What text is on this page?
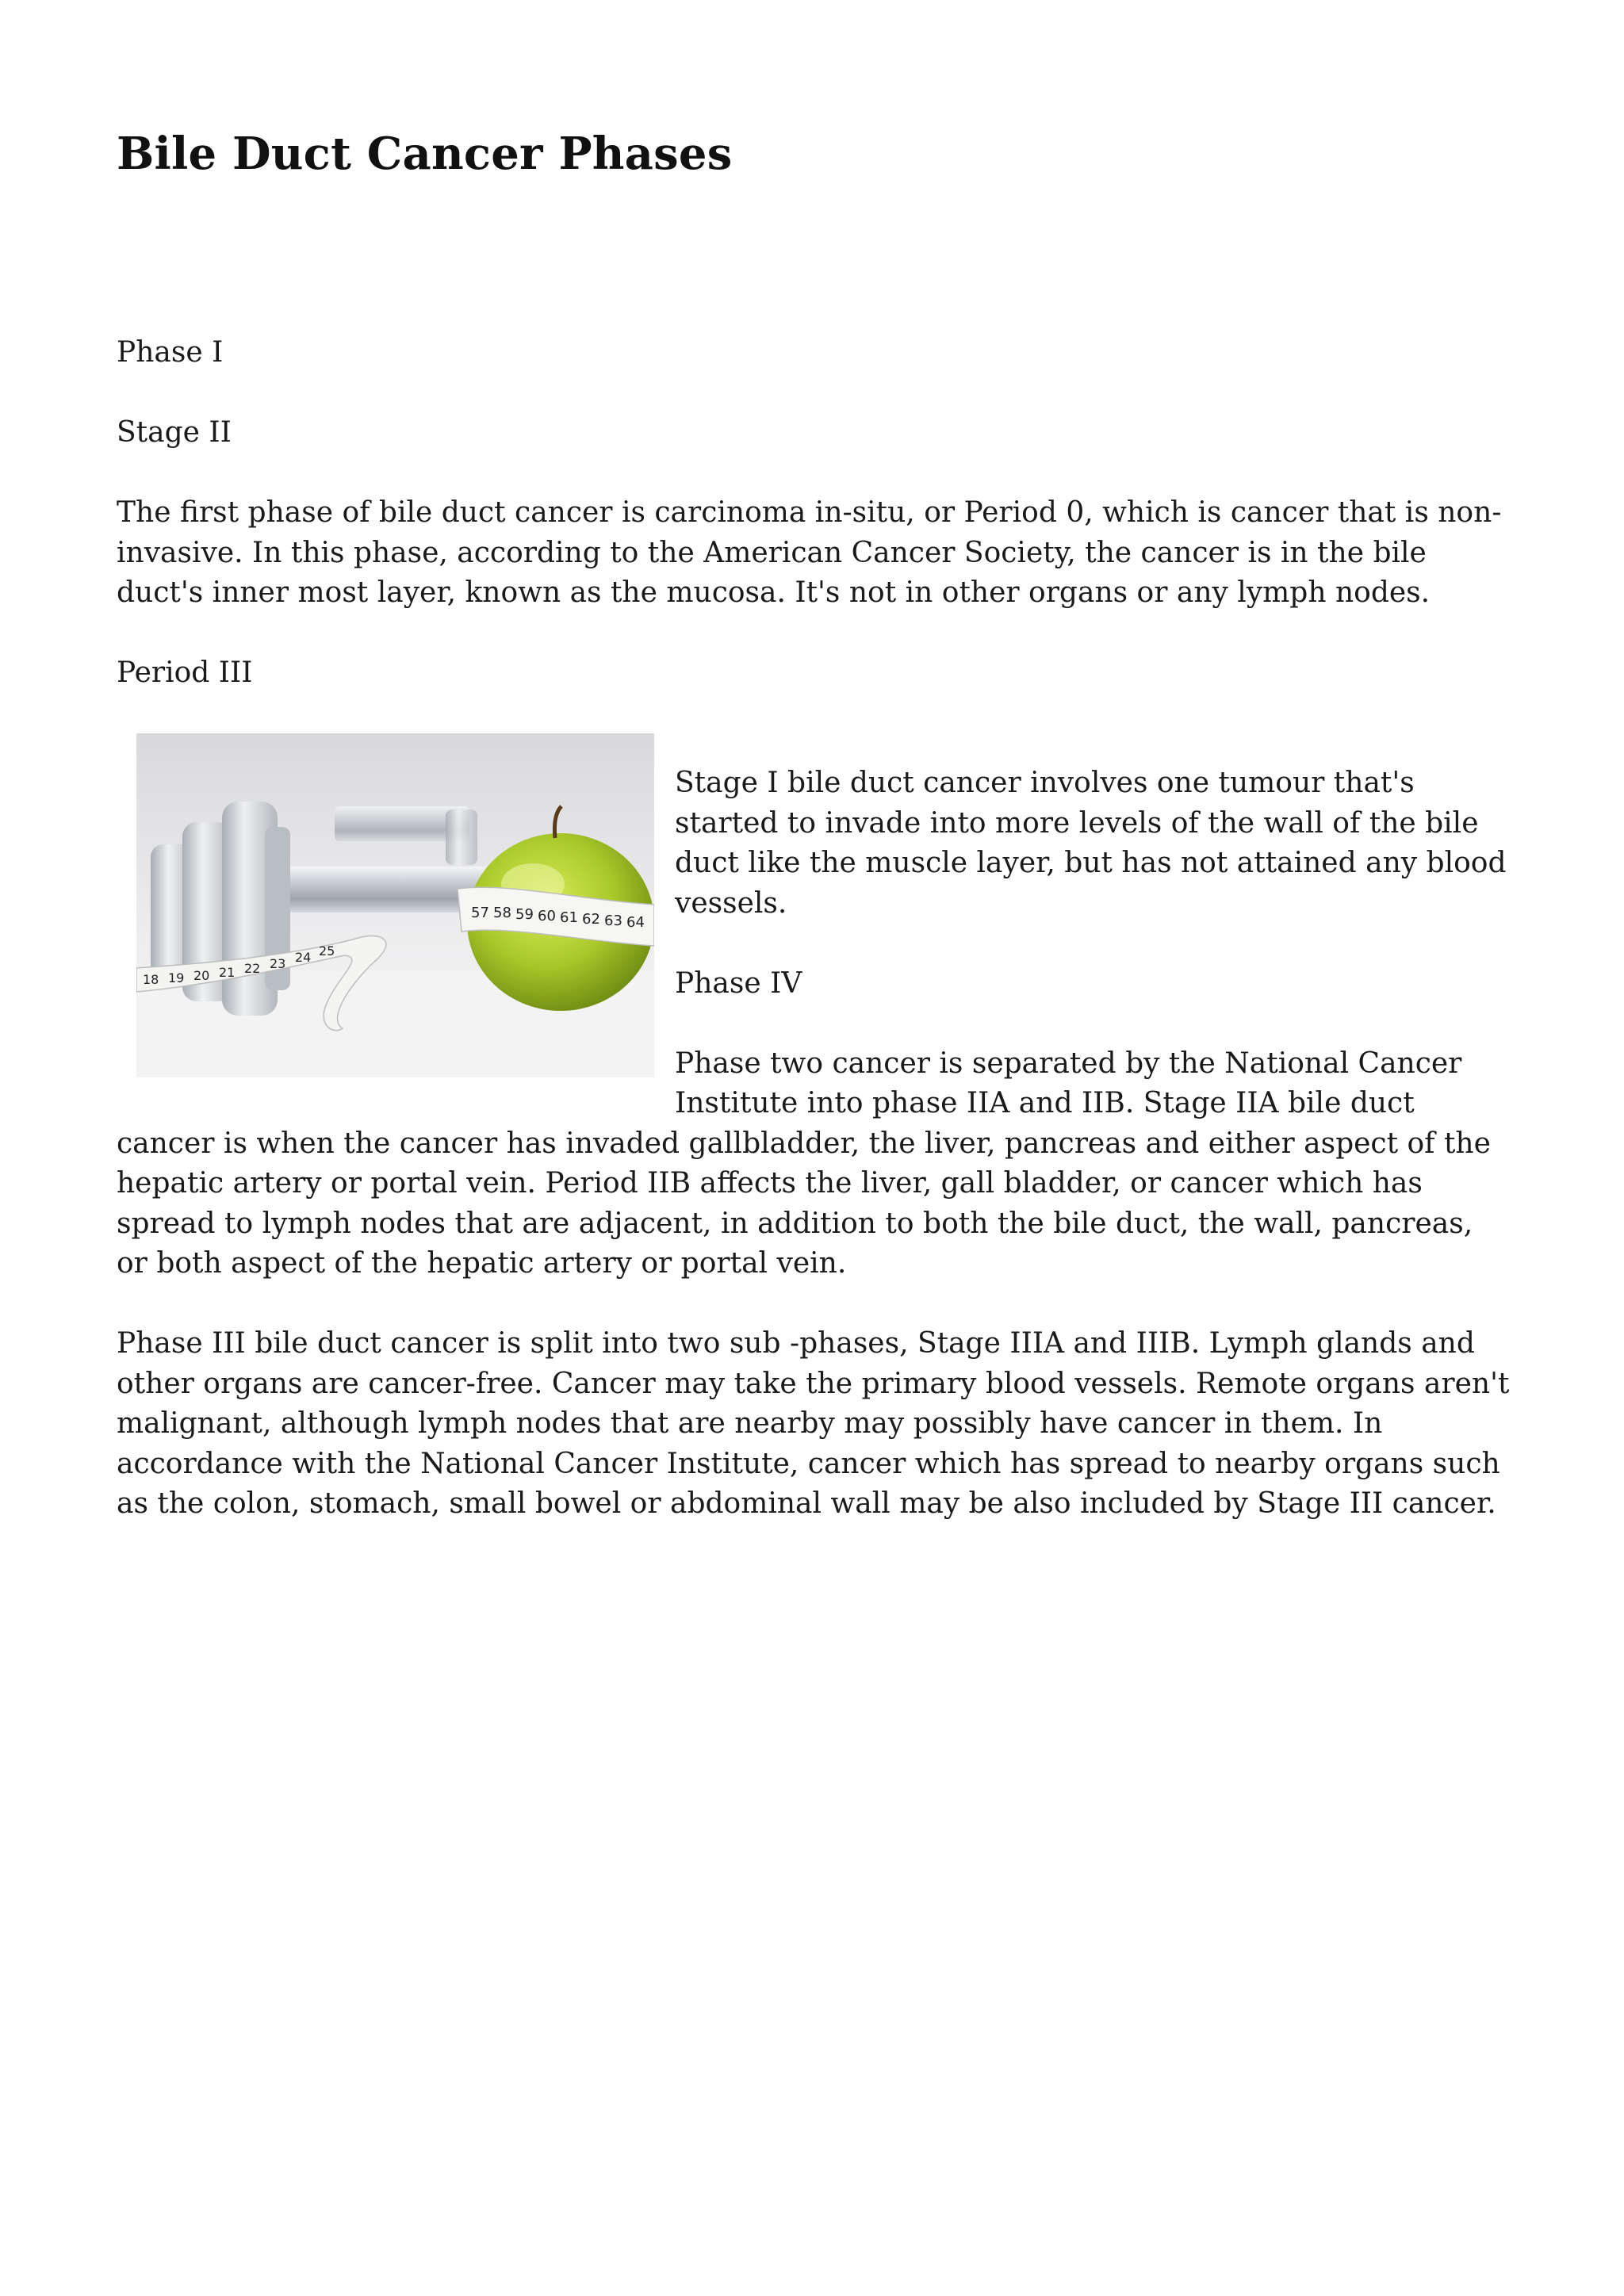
Bile Duct Cancer Phases

Phase I

Stage II

The first phase of bile duct cancer is carcinoma in-situ, or Period 0, which is cancer that is non-invasive. In this phase, according to the American Cancer Society, the cancer is in the bile duct's inner most layer, known as the mucosa. It's not in other organs or any lymph nodes.

Period III

57 58 59 60 61 62 63 64
18 19 20 21 22 23 24 25

Stage I bile duct cancer involves one tumour that's started to invade into more levels of the wall of the bile duct like the muscle layer, but has not attained any blood vessels.

Phase IV

Phase two cancer is separated by the National Cancer Institute into phase IIA and IIB. Stage IIA bile duct cancer is when the cancer has invaded gallbladder, the liver, pancreas and either aspect of the hepatic artery or portal vein. Period IIB affects the liver, gall bladder, or cancer which has spread to lymph nodes that are adjacent, in addition to both the bile duct, the wall, pancreas, or both aspect of the hepatic artery or portal vein.

Phase III bile duct cancer is split into two sub -phases, Stage IIIA and IIIB. Lymph glands and other organs are cancer-free. Cancer may take the primary blood vessels. Remote organs aren't malignant, although lymph nodes that are nearby may possibly have cancer in them. In accordance with the National Cancer Institute, cancer which has spread to nearby organs such as the colon, stomach, small bowel or abdominal wall may be also included by Stage III cancer.
